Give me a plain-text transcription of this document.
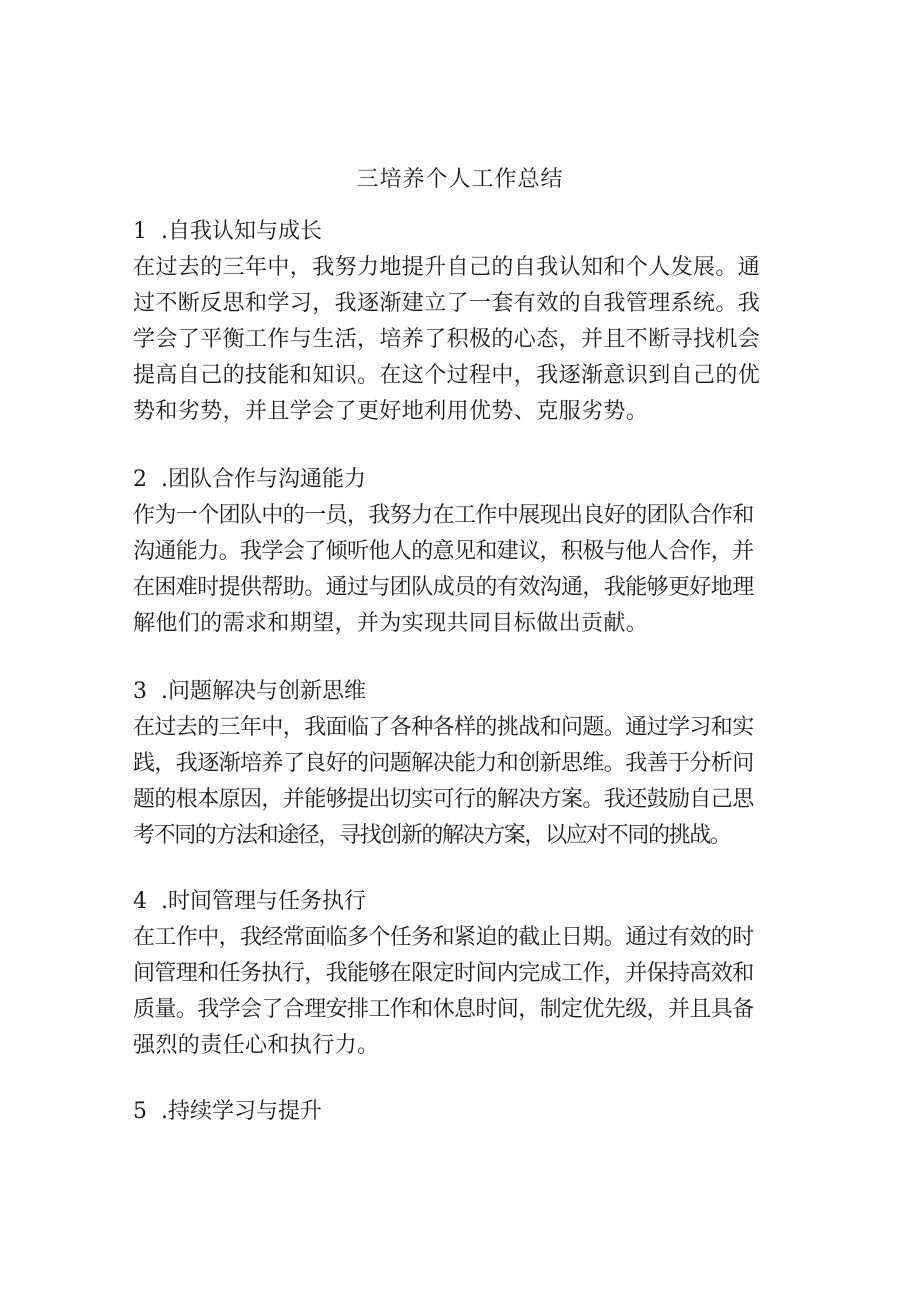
三培养个人工作总结
1 .自我认知与成长
在过去的三年中，我努力地提升自己的自我认知和个人发展。通
过不断反思和学习，我逐渐建立了一套有效的自我管理系统。我
学会了平衡工作与生活，培养了积极的心态，并且不断寻找机会
提高自己的技能和知识。在这个过程中，我逐渐意识到自己的优
势和劣势，并且学会了更好地利用优势、克服劣势。
2 .团队合作与沟通能力
作为一个团队中的一员，我努力在工作中展现出良好的团队合作和
沟通能力。我学会了倾听他人的意见和建议，积极与他人合作，并
在困难时提供帮助。通过与团队成员的有效沟通，我能够更好地理
解他们的需求和期望，并为实现共同目标做出贡献。
3 .问题解决与创新思维
在过去的三年中，我面临了各种各样的挑战和问题。通过学习和实
践，我逐渐培养了良好的问题解决能力和创新思维。我善于分析问
题的根本原因，并能够提出切实可行的解决方案。我还鼓励自己思
考不同的方法和途径，寻找创新的解决方案，以应对不同的挑战。
4 .时间管理与任务执行
在工作中，我经常面临多个任务和紧迫的截止日期。通过有效的时
间管理和任务执行，我能够在限定时间内完成工作，并保持高效和
质量。我学会了合理安排工作和休息时间，制定优先级，并且具备
强烈的责任心和执行力。
5 .持续学习与提升
